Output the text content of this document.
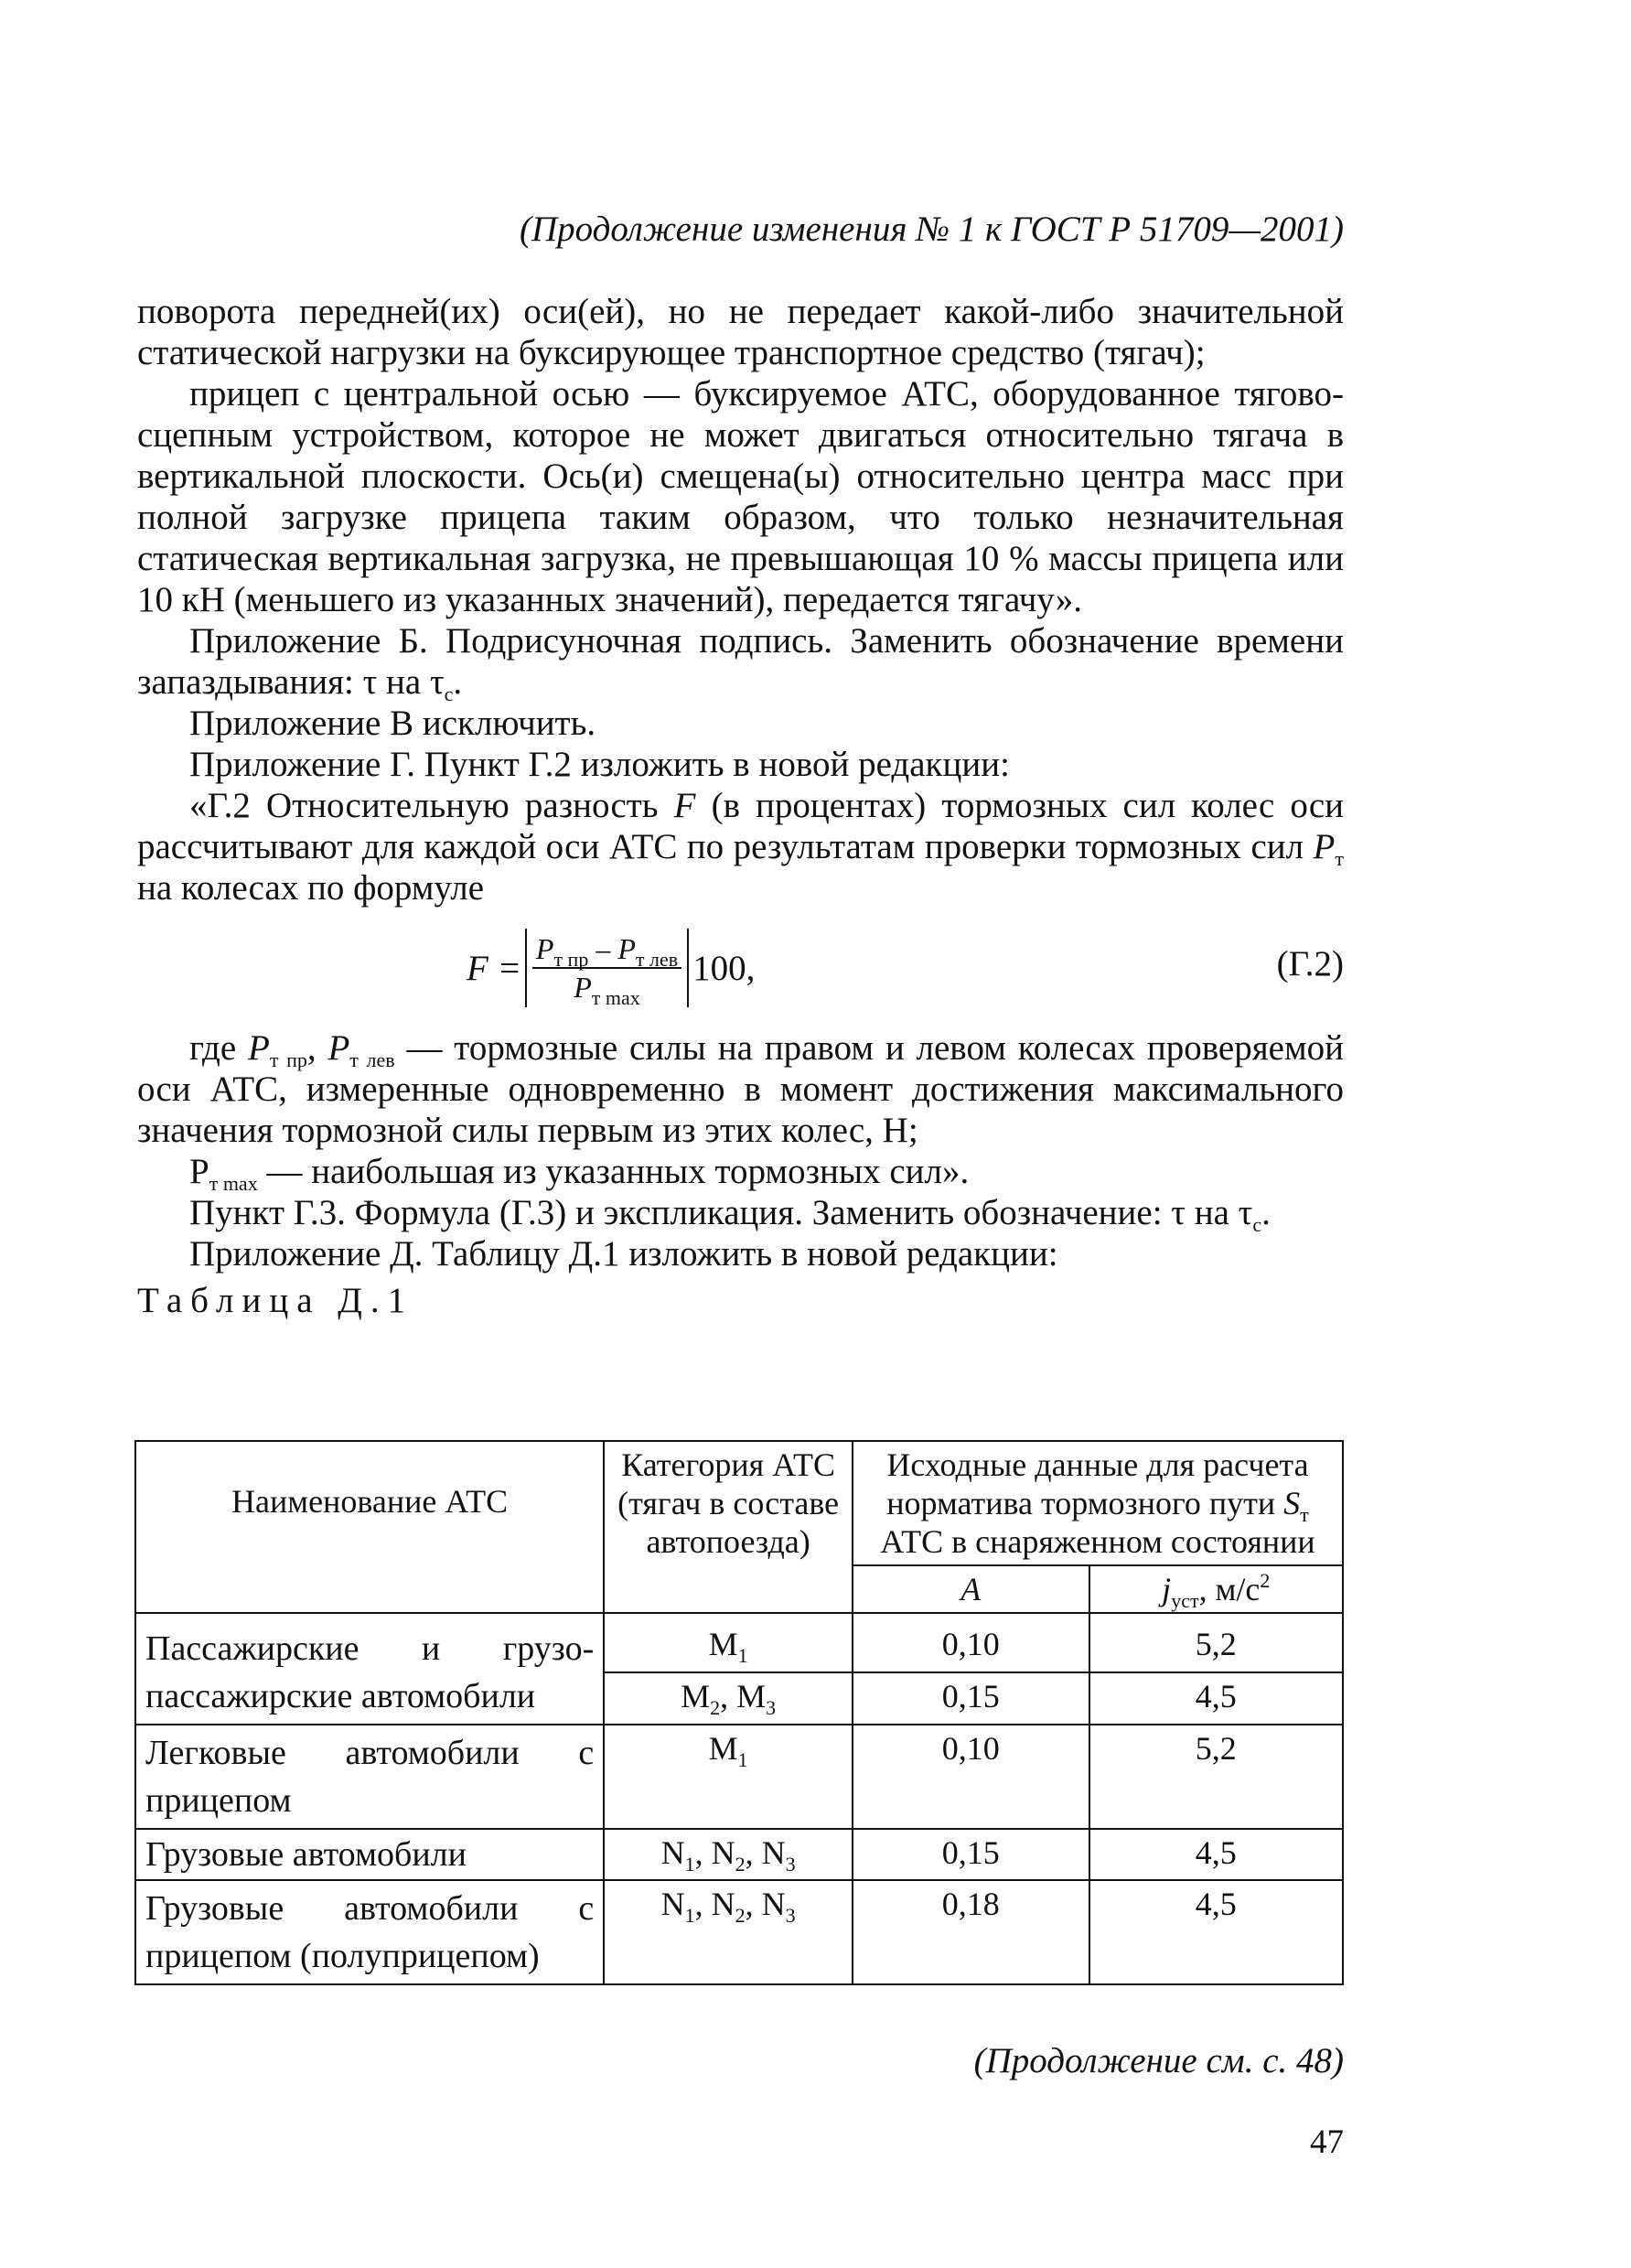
(Продолжение изменения № 1 к ГОСТ Р 51709—2001)

поворота передней(их) оси(ей), но не передает какой-либо значительной статической нагрузки на буксирующее транспортное средство (тягач);

прицеп с центральной осью — буксируемое АТС, оборудованное тягово-сцепным устройством, которое не может двигаться относительно тягача в вертикальной плоскости. Ось(и) смещена(ы) относительно центра масс при полной загрузке прицепа таким образом, что только незначительная статическая вертикальная загрузка, не превышающая 10 % массы прицепа или 10 кН (меньшего из указанных значений), передается тягачу».

Приложение Б. Подрисуночная подпись. Заменить обозначение времени запаздывания: τ на $\tau_с$.

Приложение В исключить.

Приложение Г. Пункт Г.2 изложить в новой редакции:

«Г.2 Относительную разность F (в процентах) тормозных сил колес оси рассчитывают для каждой оси АТС по результатам проверки тормозных сил $P_т$ на колесах по формуле

$F = \frac{P_{т пр} - P_{т лев}}{P_{т max}} 100$,	(Г.2)

где $P_{т пр}$, $P_{т лев}$ — тормозные силы на правом и левом колесах проверяемой оси АТС, измеренные одновременно в момент достижения максимального значения тормозной силы первым из этих колес, Н;

$P_{т max}$ — наибольшая из указанных тормозных сил».

Пункт Г.3. Формула (Г.3) и экспликация. Заменить обозначение: τ на $\tau_с$.

Приложение Д. Таблицу Д.1 изложить в новой редакции:

Таблица Д.1

Наименование АТС	Категория АТС (тягач в составе автопоезда)	Исходные данные для расчета норматива тормозного пути $S_т$ АТС в снаряженном состоянии	
		A	$j_{уст}$, $м/с^2$

Пассажирские и грузо-
пассажирские автомобили	$M_1$	0,10	5,2
	$M_2$, $M_3$	0,15	4,5

Легковые автомобили с
прицепом	$M_1$	0,10	5,2
Грузовые автомобили	$N_1$, $N_2$, $N_3$	0,15	4,5

Грузовые автомобили с
прицепом (полуприцепом)	$N_1$, $N_2$, $N_3$	0,18	4,5
(Продолжение см. с. 48)
47
